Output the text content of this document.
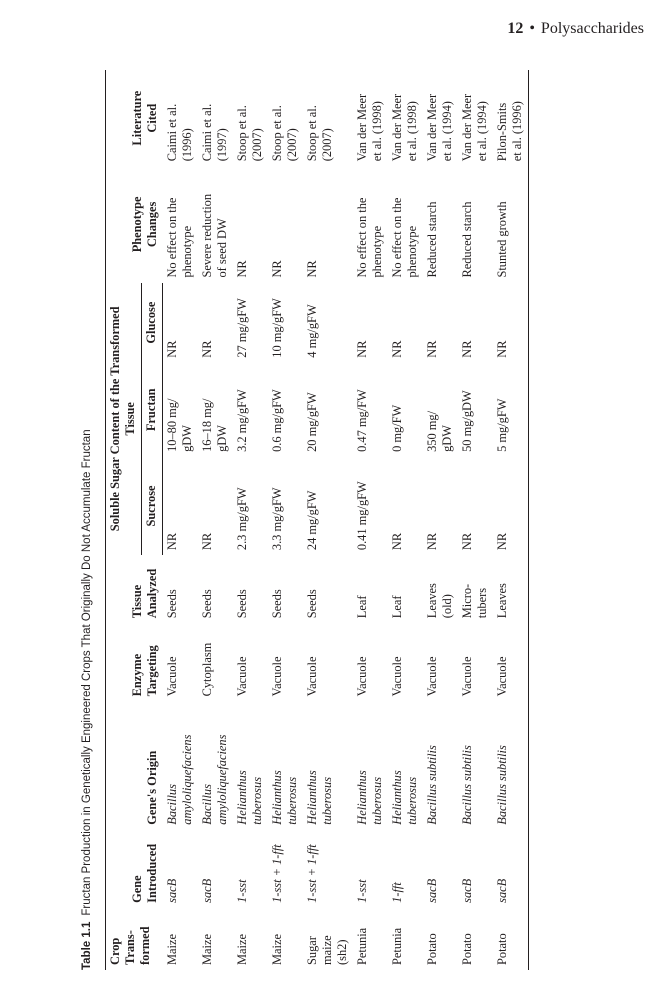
12 • Polysaccharides
Table 1.1Fructan Production in Genetically Engineered Crops That Originally Do Not Accumulate Fructan
Crop
Trans-
formed	Gene
Introduced	Gene's Origin	Enzyme
Targeting	Tissue
Analyzed	Soluble Sugar Content of the Transformed
Tissue			Phenotype
Changes	Literature
Cited
					Sucrose	Fructan	Glucose		
Maize	sacB	Bacillus
amyloliquefaciens	Vacuole	Seeds	NR	10–80 mg/
gDW	NR	No effect on the
phenotype	Caimi et al.
(1996)
Maize	sacB	Bacillus
amyloliquefaciens	Cytoplasm	Seeds	NR	16–18 mg/
gDW	NR	Severe reduction
of seed DW	Caimi et al.
(1997)
Maize	1-sst	Helianthus
tuberosus	Vacuole	Seeds	2.3 mg/gFW	3.2 mg/gFW	27 mg/gFW	NR	Stoop et al.
(2007)
Maize	1-sst + 1-fft	Helianthus
tuberosus	Vacuole	Seeds	3.3 mg/gFW	0.6 mg/gFW	10 mg/gFW	NR	Stoop et al.
(2007)
Sugar
maize
(sh2)	1-sst + 1-fft	Helianthus
tuberosus	Vacuole	Seeds	24 mg/gFW	20 mg/gFW	4 mg/gFW	NR	Stoop et al.
(2007)
Petunia	1-sst	Helianthus
tuberosus	Vacuole	Leaf	0.41 mg/gFW	0.47 mg/FW	NR	No effect on the
phenotype	Van der Meer
et al. (1998)
Petunia	1-fft	Helianthus
tuberosus	Vacuole	Leaf	NR	0 mg/FW	NR	No effect on the
phenotype	Van der Meer
et al. (1998)
Potato	sacB	Bacillus subtilis	Vacuole	Leaves
(old)	NR	350 mg/
gDW	NR	Reduced starch	Van der Meer
et al. (1994)
Potato	sacB	Bacillus subtilis	Vacuole	Micro-
tubers	NR	50 mg/gDW	NR	Reduced starch	Van der Meer
et al. (1994)
Potato	sacB	Bacillus subtilis	Vacuole	Leaves	NR	5 mg/gFW	NR	Stunted growth	Pilon-Smits
et al. (1996)
